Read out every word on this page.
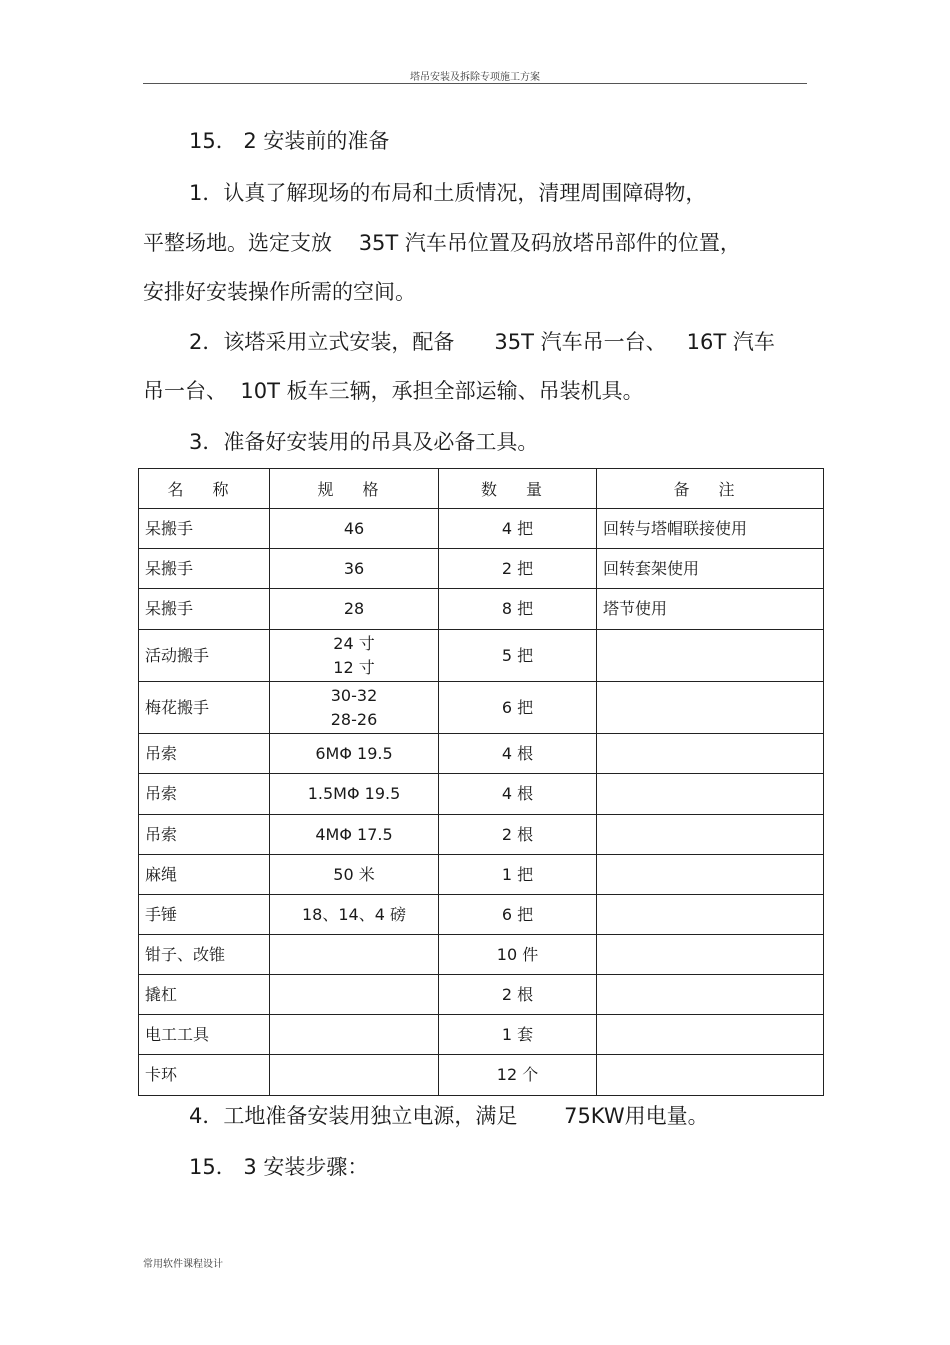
塔吊安装及拆除专项施工方案
15． 2 安装前的准备
1．认真了解现场的布局和土质情况，清理周围障碍物，
平整场地。选定支放    35T 汽车吊位置及码放塔吊部件的位置，
安排好安装操作所需的空间。
2．该塔采用立式安装，配备      35T 汽车吊一台、   16T 汽车
吊一台、  10T 板车三辆，承担全部运输、吊装机具。
3．准备好安装用的吊具及必备工具。
名 称	规 格	数 量	备 注

呆搬手	46	4 把	回转与塔帽联接使用

呆搬手	36	2 把	回转套架使用

呆搬手	28	8 把	塔节使用

活动搬手	24 寸
12 寸	5 把	

梅花搬手	30-32
28-26	6 把	

吊索	6MΦ 19.5	4 根	

吊索	1.5MΦ 19.5	4 根	

吊索	4MΦ 17.5	2 根	

麻绳	50 米	1 把	

手锤	18、14、4 磅	6 把	

钳子、改锥		10 件	

撬杠		2 根	

电工工具		1 套	

卡环		12 个	

4．工地准备安装用独立电源，满足       75KW用电量。
15． 3 安装步骤：
常用软件课程设计
